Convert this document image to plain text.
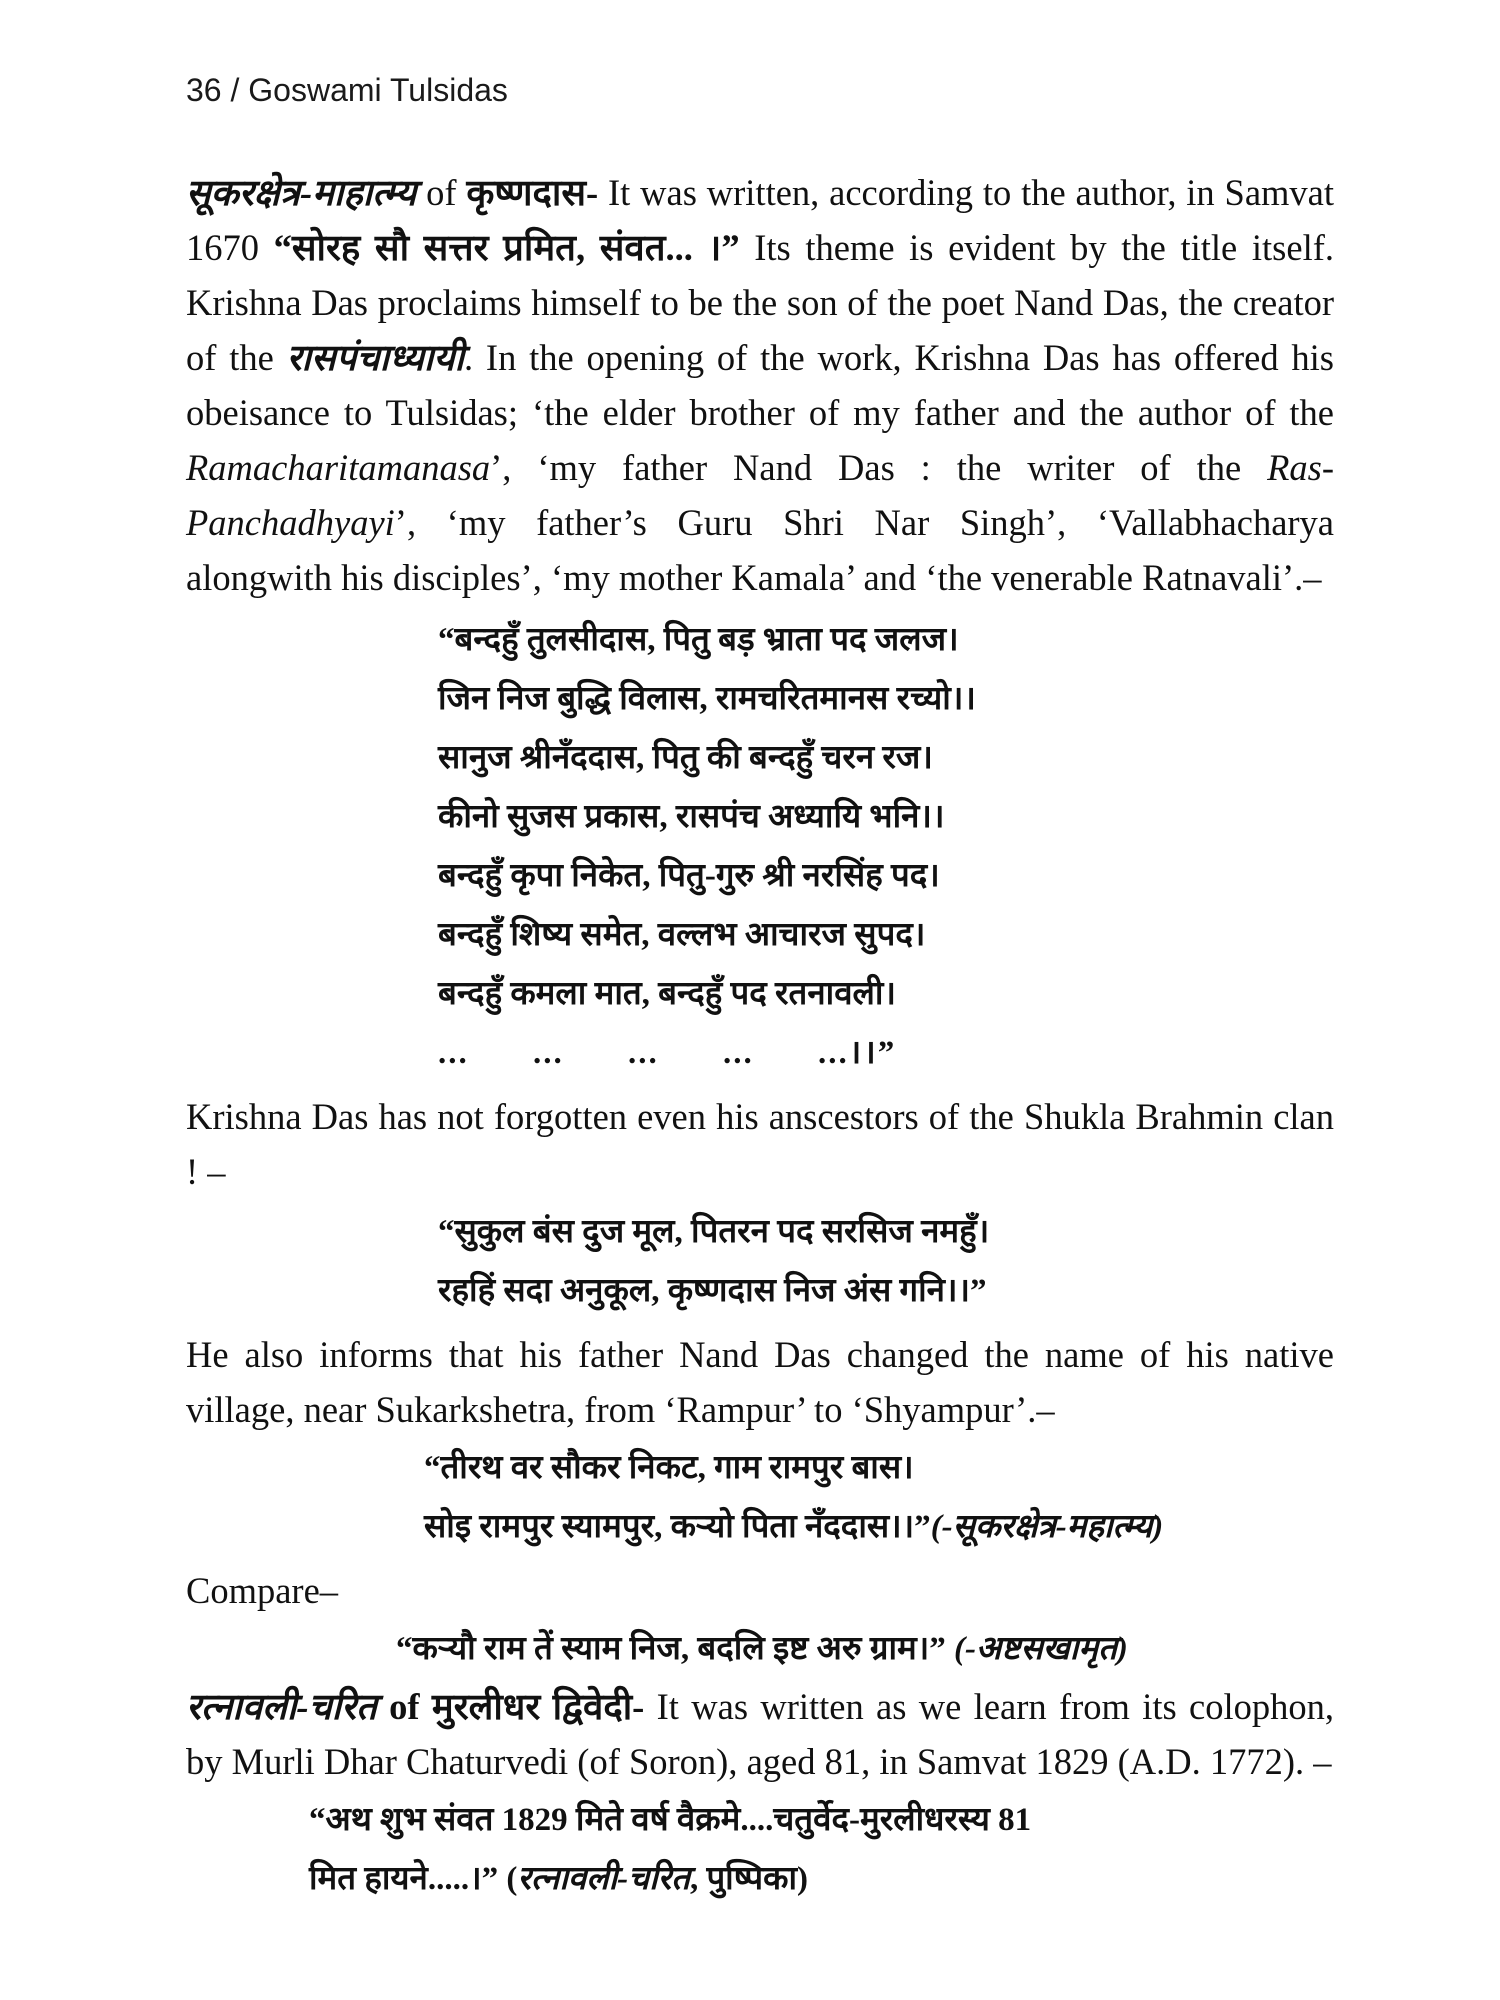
36 / Goswami Tulsidas

सूकरक्षेत्र-माहात्म्य of कृष्णदास- It was written, according to the author, in Samvat 1670 “सोरह सौ सत्तर प्रमित, संवत... ।” Its theme is evident by the title itself. Krishna Das proclaims himself to be the son of the poet Nand Das, the creator of the रासपंचाध्यायी. In the opening of the work, Krishna Das has offered his obeisance to Tulsidas; ‘the elder brother of my father and the author of the Ramacharitamanasa’, ‘my father Nand Das : the writer of the Ras-Panchadhyayi’, ‘my father’s Guru Shri Nar Singh’, ‘Vallabhacharya alongwith his disciples’, ‘my mother Kamala’ and ‘the venerable Ratnavali’.–

“बन्दहुँ तुलसीदास, पितु बड़ भ्राता पद जलज।
जिन निज बुद्धि विलास, रामचरितमानस रच्यो।।
सानुज श्रीनँददास, पितु की बन्दहुँ चरन रज।
कीनो सुजस प्रकास, रासपंच अध्यायि भनि।।
बन्दहुँ कृपा निकेत, पितु-गुरु श्री नरसिंह पद।
बन्दहुँ शिष्य समेत, वल्लभ आचारज सुपद।
बन्दहुँ कमला मात, बन्दहुँ पद रतनावली।
... ... ... ... ...।।”

Krishna Das has not forgotten even his anscestors of the Shukla Brahmin clan ! –

“सुकुल बंस दुज मूल, पितरन पद सरसिज नमहुँ।
रहहिं सदा अनुकूल, कृष्णदास निज अंस गनि।।”

He also informs that his father Nand Das changed the name of his native village, near Sukarkshetra, from ‘Rampur’ to ‘Shyampur’.–

“तीरथ वर सौकर निकट, गाम रामपुर बास।
सोइ रामपुर स्यामपुर, कर्‍यो पिता नँददास।।”(-सूकरक्षेत्र-महात्म्य)

Compare–

“कर्‍यौ राम तें स्याम निज, बदलि इष्ट अरु ग्राम।” (-अष्टसखामृत)

रत्नावली-चरित of मुरलीधर द्विवेदी- It was written as we learn from its colophon, by Murli Dhar Chaturvedi (of Soron), aged 81, in Samvat 1829 (A.D. 1772). –

“अथ शुभ संवत 1829 मिते वर्ष वैक्रमे....चतुर्वेद-मुरलीधरस्य 81
मित हायने.....।” (रत्नावली-चरित, पुष्पिका)
